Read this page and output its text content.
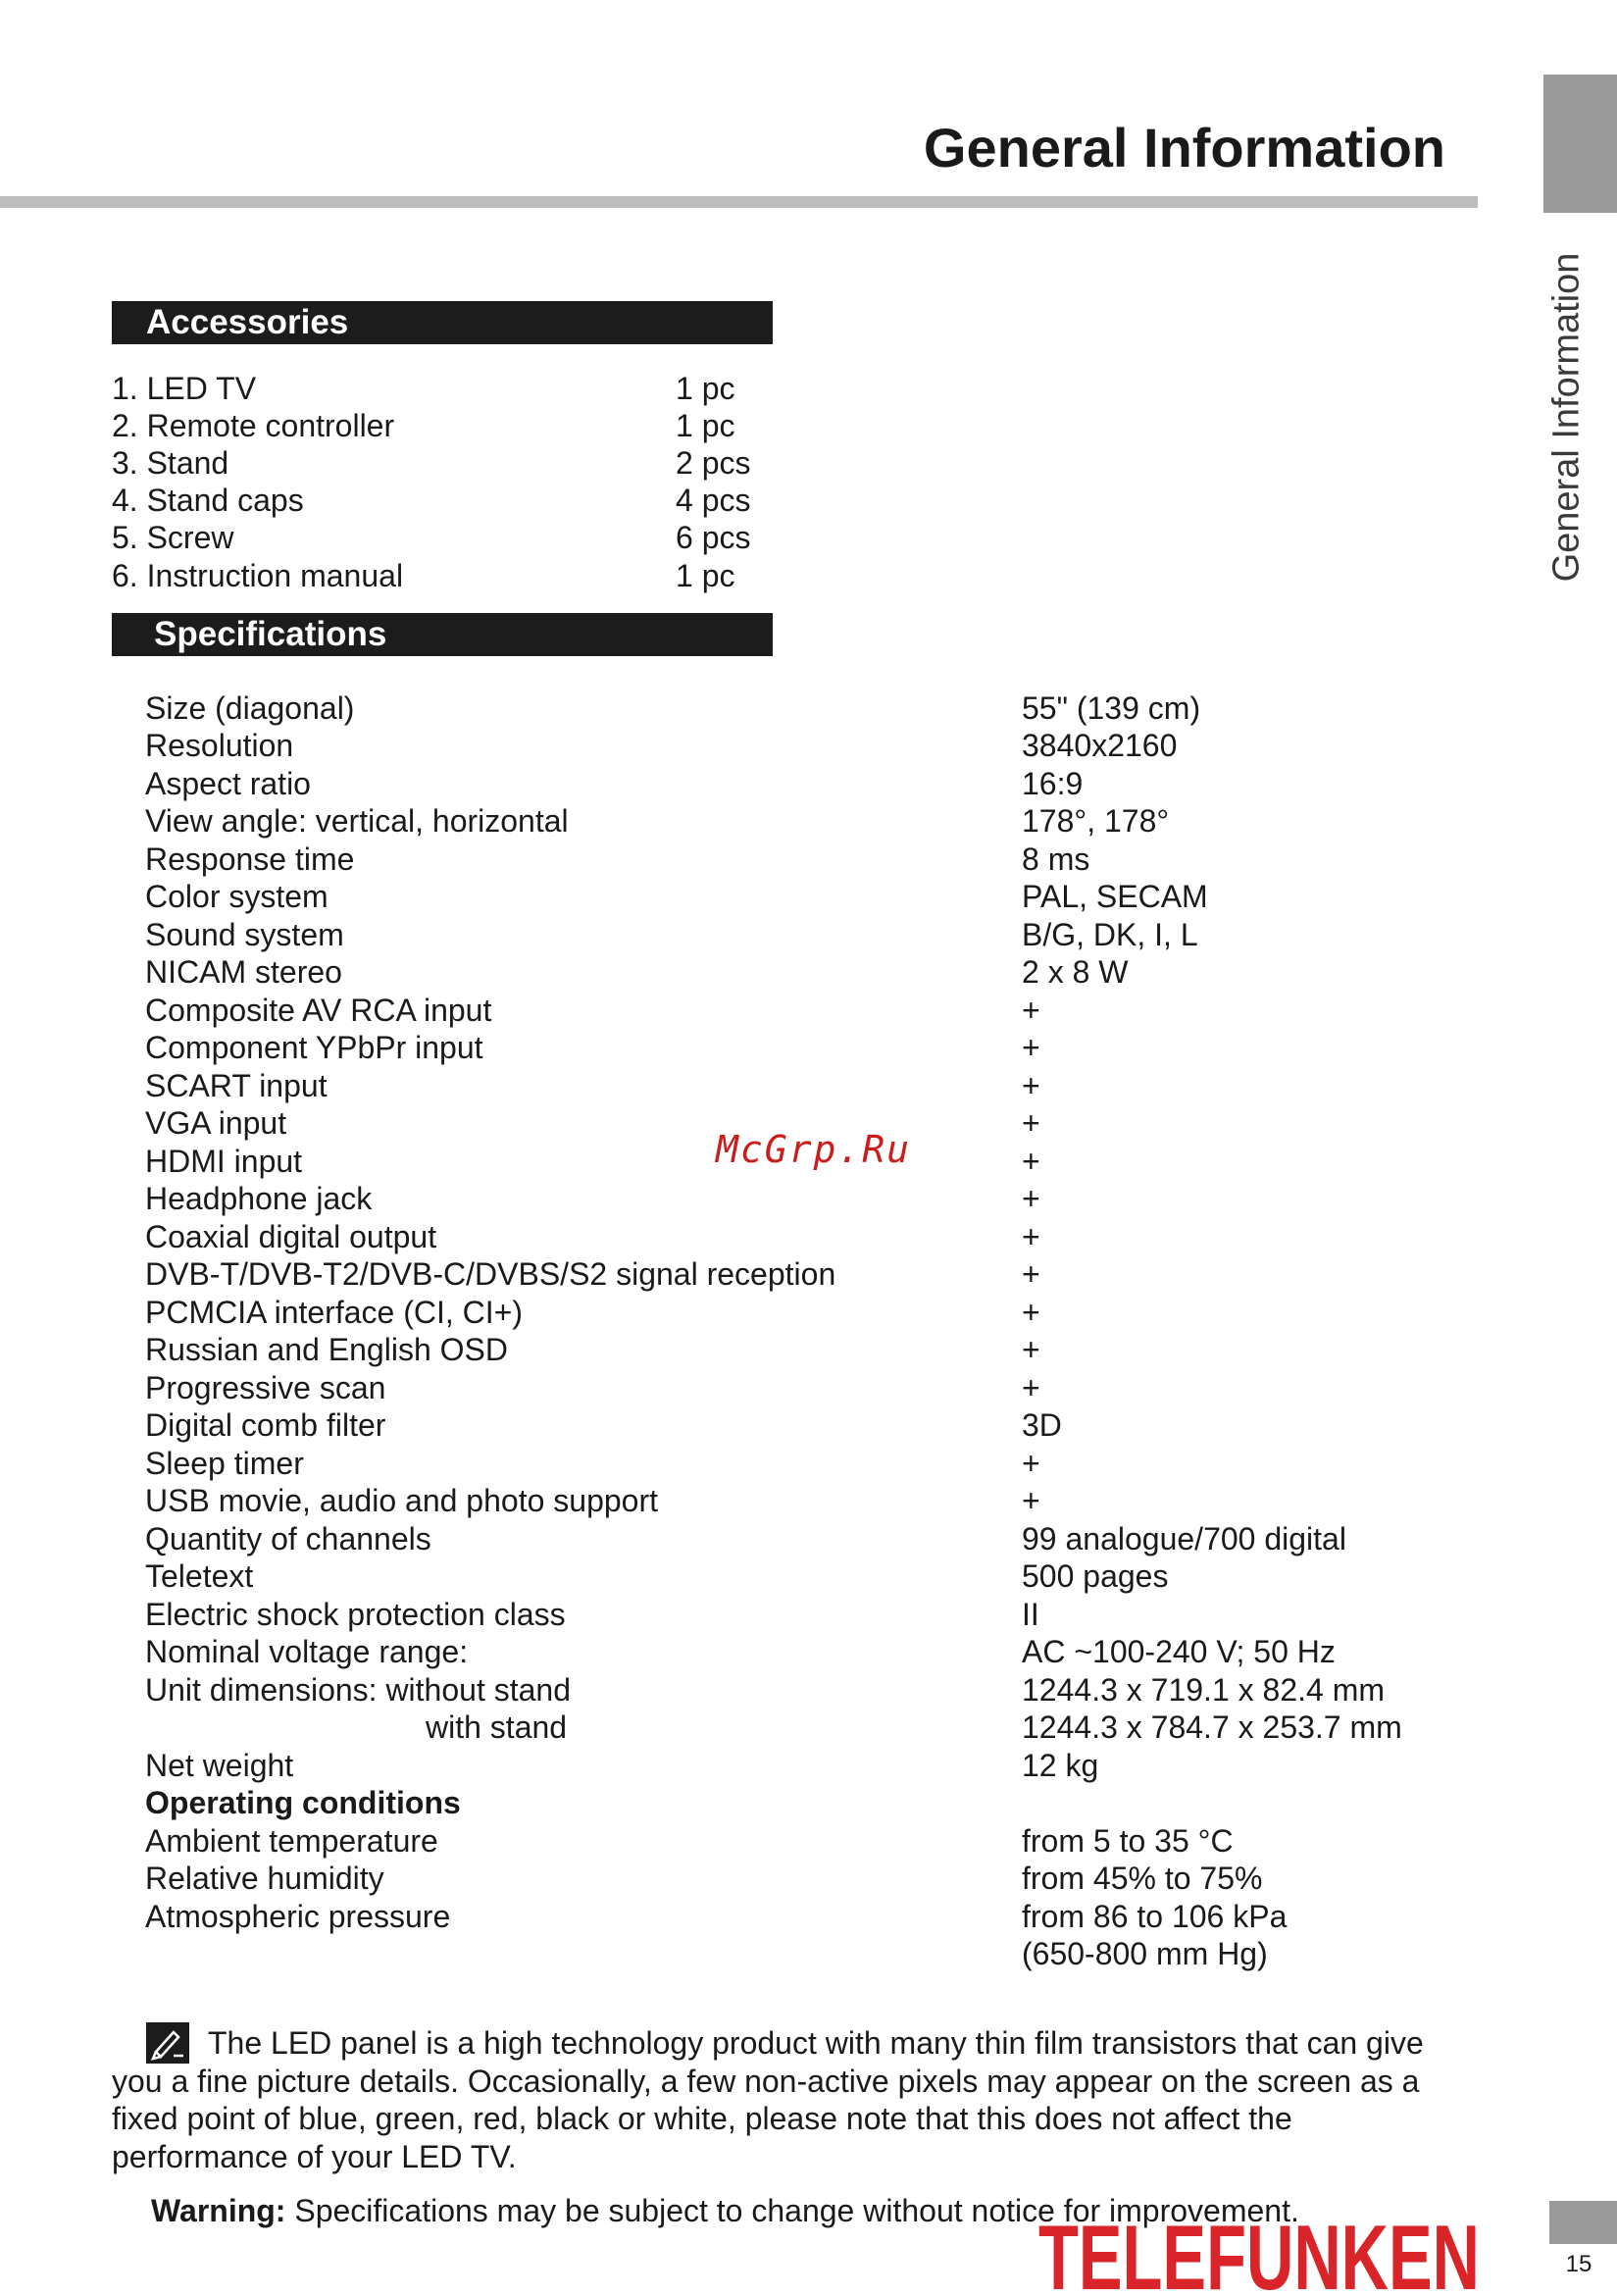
General Information
General Information
Accessories
1. LED TV	1 pc
2. Remote controller	1 pc
3. Stand	2 pcs
4. Stand caps	4 pcs
5. Screw	6 pcs
6. Instruction manual	1 pc
Specifications
Size (diagonal)	55" (139 cm)
Resolution	3840x2160
Aspect ratio	16:9
View angle: vertical, horizontal	178°, 178°
Response time	8 ms
Color system	PAL, SECAM
Sound system	B/G, DK, I, L
NICAM stereo	2 x 8 W
Composite AV RCA input	+
Component YPbPr input	+
SCART input	+
VGA input	+
HDMI input	+
Headphone jack	+
Coaxial digital output	+
DVB-T/DVB-T2/DVB-C/DVBS/S2 signal reception	+
PCMCIA interface (CI, CI+)	+
Russian and English OSD	+
Progressive scan	+
Digital comb filter	3D
Sleep timer	+
USB movie, audio and photo support	+
Quantity of channels	99 analogue/700 digital
Teletext	500 pages
Electric shock protection class	II
Nominal voltage range:	AC ~100-240 V; 50 Hz
Unit dimensions: without stand	1244.3 x 719.1 x 82.4 mm
with stand	1244.3 x 784.7 x 253.7 mm
Net weight	12 kg
Operating conditions
Ambient temperature	from 5 to 35 °C
Relative humidity	from 45% to 75%
Atmospheric pressure	from 86 to 106 kPa
(650-800 mm Hg)
McGrp.Ru
The LED panel is a high technology product with many thin film transistors that can give you a fine picture details. Occasionally, a few non-active pixels may appear on the screen as a fixed point of blue, green, red, black or white, please note that this does not affect the performance of your LED TV.
Warning: Specifications may be subject to change without notice for improvement.
TELEFUNKEN	15
